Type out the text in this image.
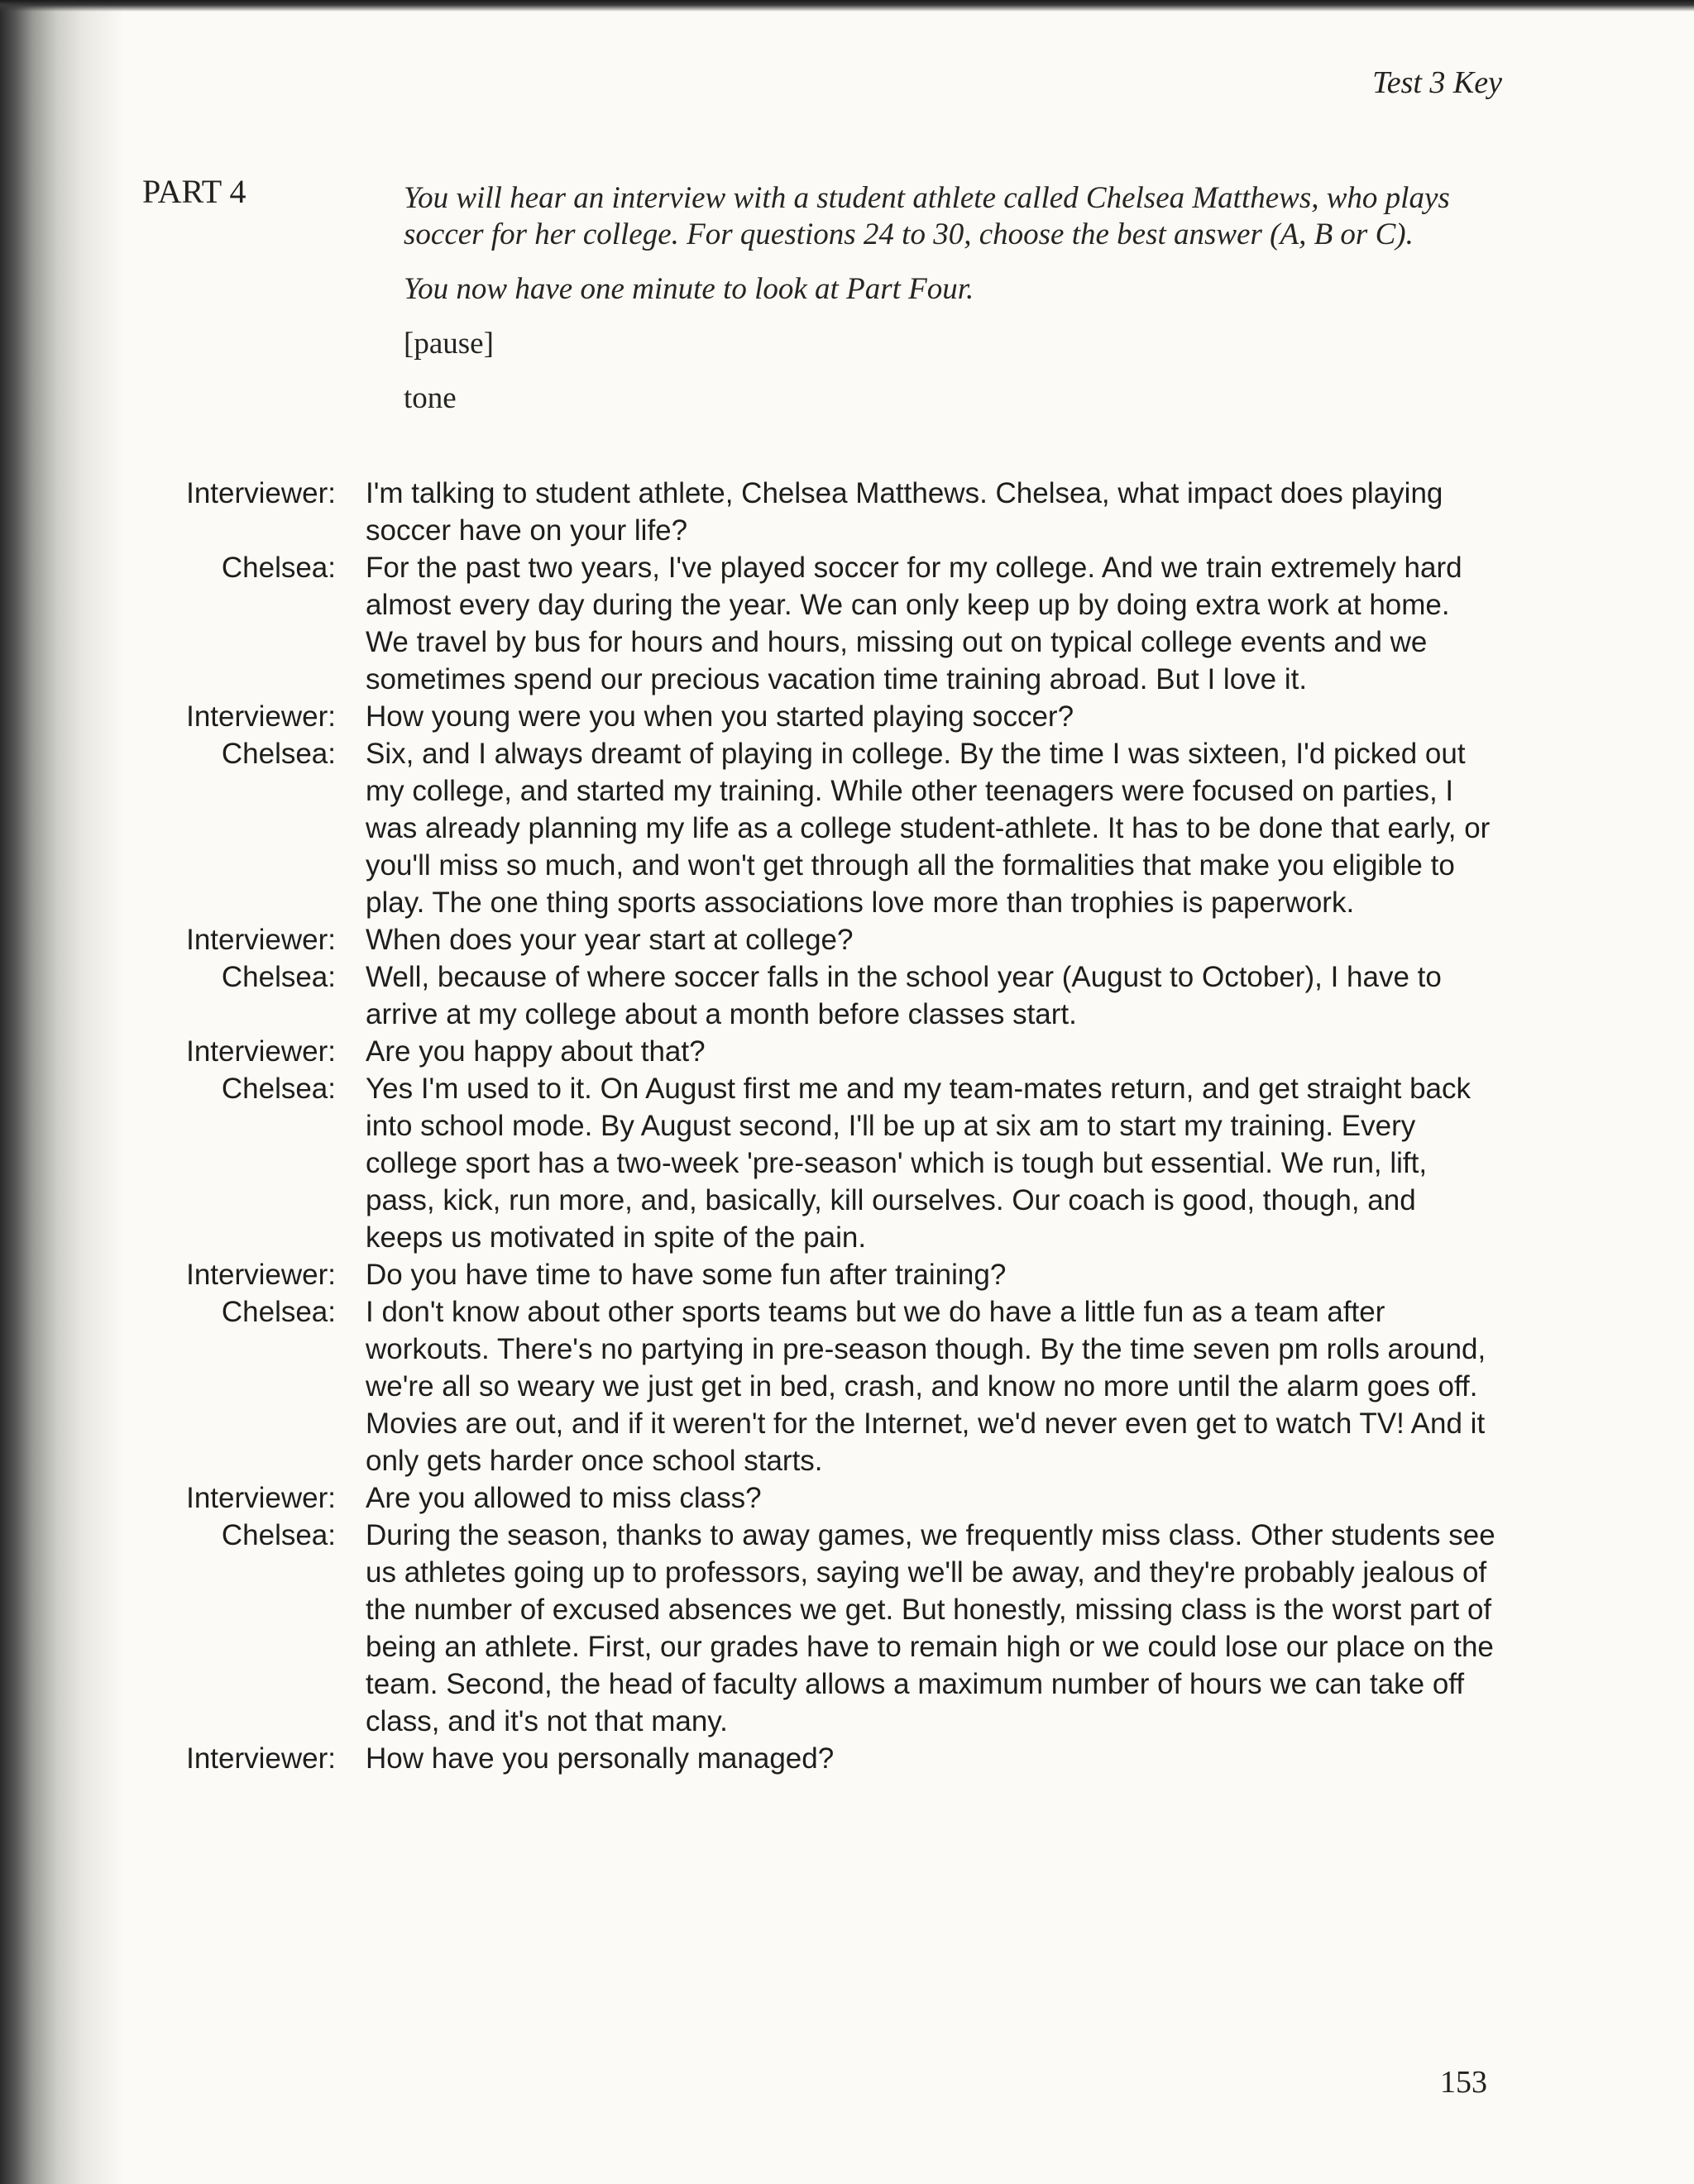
Test 3 Key
PART 4	You will hear an interview with a student athlete called Chelsea Matthews, who plays soccer for her college. For questions 24 to 30, choose the best answer (A, B or C).

You now have one minute to look at Part Four.

[pause]

tone

Interviewer:	I'm talking to student athlete, Chelsea Matthews. Chelsea, what impact does playing soccer have on your life?
Chelsea:	For the past two years, I've played soccer for my college. And we train extremely hard almost every day during the year. We can only keep up by doing extra work at home. We travel by bus for hours and hours, missing out on typical college events and we sometimes spend our precious vacation time training abroad. But I love it.
Interviewer:	How young were you when you started playing soccer?
Chelsea:	Six, and I always dreamt of playing in college. By the time I was sixteen, I'd picked out my college, and started my training. While other teenagers were focused on parties, I was already planning my life as a college student-athlete. It has to be done that early, or you'll miss so much, and won't get through all the formalities that make you eligible to play. The one thing sports associations love more than trophies is paperwork.
Interviewer:	When does your year start at college?
Chelsea:	Well, because of where soccer falls in the school year (August to October), I have to arrive at my college about a month before classes start.
Interviewer:	Are you happy about that?
Chelsea:	Yes I'm used to it. On August first me and my team-mates return, and get straight back into school mode. By August second, I'll be up at six am to start my training. Every college sport has a two-week 'pre-season' which is tough but essential. We run, lift, pass, kick, run more, and, basically, kill ourselves. Our coach is good, though, and keeps us motivated in spite of the pain.
Interviewer:	Do you have time to have some fun after training?
Chelsea:	I don't know about other sports teams but we do have a little fun as a team after workouts. There's no partying in pre-season though. By the time seven pm rolls around, we're all so weary we just get in bed, crash, and know no more until the alarm goes off. Movies are out, and if it weren't for the Internet, we'd never even get to watch TV! And it only gets harder once school starts.
Interviewer:	Are you allowed to miss class?
Chelsea:	During the season, thanks to away games, we frequently miss class. Other students see us athletes going up to professors, saying we'll be away, and they're probably jealous of the number of excused absences we get. But honestly, missing class is the worst part of being an athlete. First, our grades have to remain high or we could lose our place on the team. Second, the head of faculty allows a maximum number of hours we can take off class, and it's not that many.
Interviewer:	How have you personally managed?
153
